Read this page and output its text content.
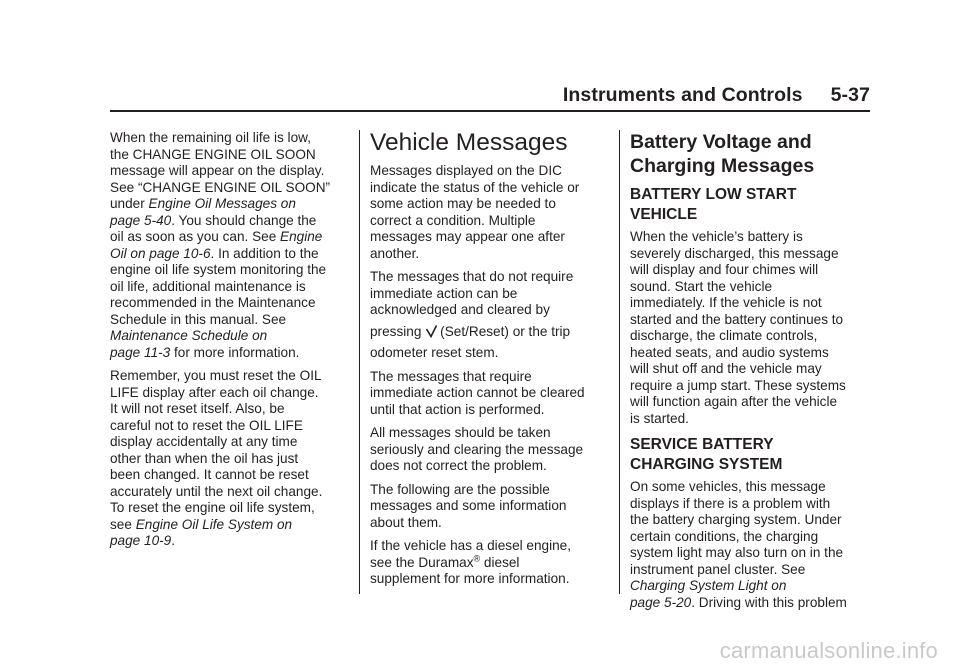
Instruments and Controls 5-37
When the remaining oil life is low,
the CHANGE ENGINE OIL SOON
message will appear on the display.
See “CHANGE ENGINE OIL SOON”
under Engine Oil Messages on
page 5-40. You should change the
oil as soon as you can. See Engine
Oil on page 10-6. In addition to the
engine oil life system monitoring the
oil life, additional maintenance is
recommended in the Maintenance
Schedule in this manual. See
Maintenance Schedule on
page 11-3 for more information.
Remember, you must reset the OIL
LIFE display after each oil change.
It will not reset itself. Also, be
careful not to reset the OIL LIFE
display accidentally at any time
other than when the oil has just
been changed. It cannot be reset
accurately until the next oil change.
To reset the engine oil life system,
see Engine Oil Life System on
page 10-9.
Vehicle Messages
Messages displayed on the DIC
indicate the status of the vehicle or
some action may be needed to
correct a condition. Multiple
messages may appear one after
another.
The messages that do not require
immediate action can be
acknowledged and cleared by
pressing (Set/Reset) or the trip
odometer reset stem.
The messages that require
immediate action cannot be cleared
until that action is performed.
All messages should be taken
seriously and clearing the message
does not correct the problem.
The following are the possible
messages and some information
about them.
If the vehicle has a diesel engine,
see the Duramax® diesel
supplement for more information.
Battery Voltage and
Charging Messages
BATTERY LOW START
VEHICLE
When the vehicle’s battery is
severely discharged, this message
will display and four chimes will
sound. Start the vehicle
immediately. If the vehicle is not
started and the battery continues to
discharge, the climate controls,
heated seats, and audio systems
will shut off and the vehicle may
require a jump start. These systems
will function again after the vehicle
is started.
SERVICE BATTERY
CHARGING SYSTEM
On some vehicles, this message
displays if there is a problem with
the battery charging system. Under
certain conditions, the charging
system light may also turn on in the
instrument panel cluster. See
Charging System Light on
page 5-20. Driving with this problem
carmanualsonline.info
